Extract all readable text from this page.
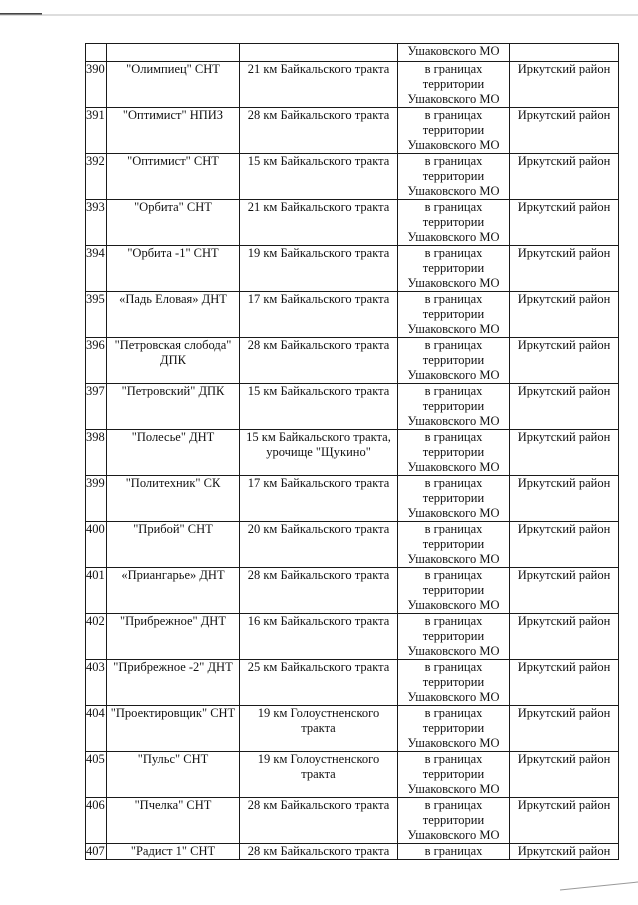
			Ушаковского МО	

390	"Олимпиец" СНТ	21 км Байкальского тракта	в границах
территории
Ушаковского МО	Иркутский район

391	"Оптимист" НПИЗ	28 км Байкальского тракта	в границах
территории
Ушаковского МО	Иркутский район

392	"Оптимист" СНТ	15 км Байкальского тракта	в границах
территории
Ушаковского МО	Иркутский район

393	"Орбита" СНТ	21 км Байкальского тракта	в границах
территории
Ушаковского МО	Иркутский район

394	"Орбита -1" СНТ	19 км Байкальского тракта	в границах
территории
Ушаковского МО	Иркутский район

395	«Падь Еловая» ДНТ	17 км Байкальского тракта	в границах
территории
Ушаковского МО	Иркутский район

396	"Петровская слобода"
ДПК	28 км Байкальского тракта	в границах
территории
Ушаковского МО	Иркутский район

397	"Петровский" ДПК	15 км Байкальского тракта	в границах
территории
Ушаковского МО	Иркутский район

398	"Полесье" ДНТ	15 км Байкальского тракта,
урочище "Щукино"	в границах
территории
Ушаковского МО	Иркутский район

399	"Политехник" СК	17 км Байкальского тракта	в границах
территории
Ушаковского МО	Иркутский район

400	"Прибой" СНТ	20 км Байкальского тракта	в границах
территории
Ушаковского МО	Иркутский район

401	«Приангарье» ДНТ	28 км Байкальского тракта	в границах
территории
Ушаковского МО	Иркутский район

402	"Прибрежное" ДНТ	16 км Байкальского тракта	в границах
территории
Ушаковского МО	Иркутский район

403	"Прибрежное -2" ДНТ	25 км Байкальского тракта	в границах
территории
Ушаковского МО	Иркутский район

404	"Проектировщик" СНТ	19 км Голоустненского
тракта	в границах
территории
Ушаковского МО	Иркутский район

405	"Пульс" СНТ	19 км Голоустненского
тракта	в границах
территории
Ушаковского МО	Иркутский район

406	"Пчелка" СНТ	28 км Байкальского тракта	в границах
территории
Ушаковского МО	Иркутский район

407	"Радист 1" СНТ	28 км Байкальского тракта	в границах	Иркутский район
